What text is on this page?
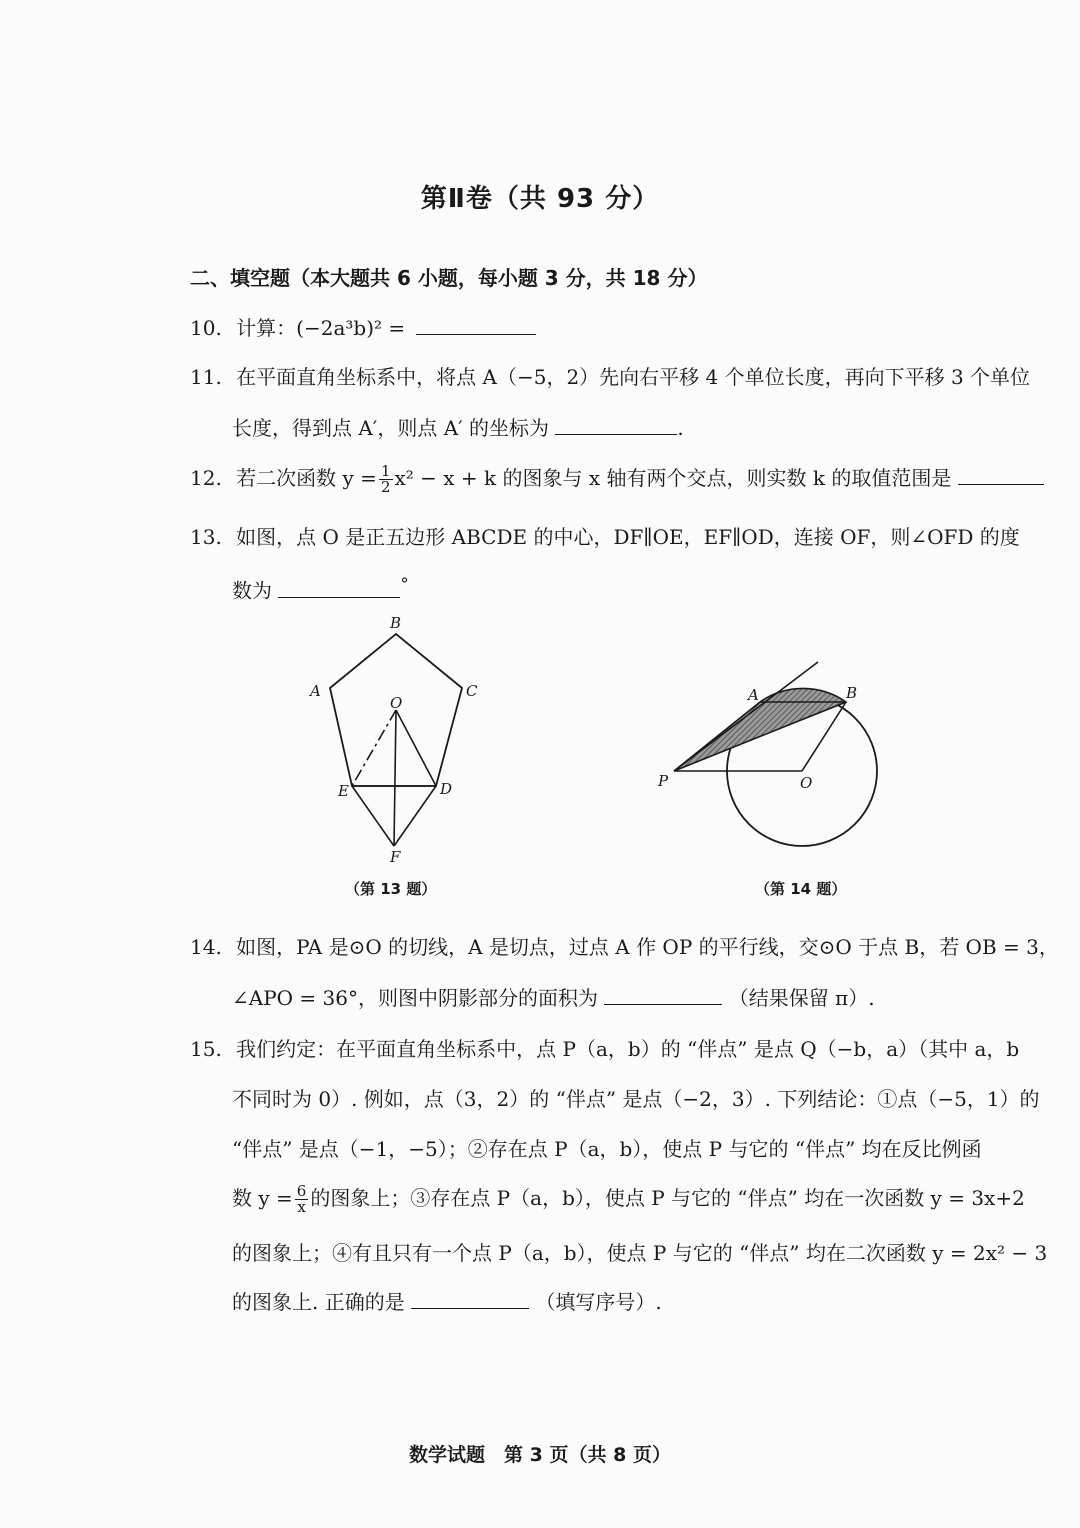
第Ⅱ卷（共 93 分）
二、填空题（本大题共 6 小题，每小题 3 分，共 18 分）
10. 计算：(−2a³b)² =
11. 在平面直角坐标系中，将点 A（−5，2）先向右平移 4 个单位长度，再向下平移 3 个单位
长度，得到点 A′，则点 A′ 的坐标为	.
12. 若二次函数 $y = \frac{1}{2} x^2 - x + k$ 的图象与 x 轴有两个交点，则实数 k 的取值范围是
13. 如图，点 O 是正五边形 ABCDE 的中心，DF∥OE，EF∥OD，连接 OF，则∠OFD 的度
数为	°
B
A	C
O
E	D
F
（第 13 题）
A	B
P	O
（第 14 题）
14. 如图，PA 是⊙O 的切线，A 是切点，过点 A 作 OP 的平行线，交⊙O 于点 B，若 OB = 3，
∠APO = 36°，则图中阴影部分的面积为	（结果保留 π）.
15. 我们约定：在平面直角坐标系中，点 P（a，b）的 “伴点” 是点 Q（−b，a）（其中 a，b
不同时为 0）. 例如，点（3，2）的 “伴点” 是点（−2，3）. 下列结论：①点（−5，1）的
“伴点” 是点（−1，−5）；②存在点 P（a，b），使点 P 与它的 “伴点” 均在反比例函
数 $y = \frac{6}{x}$ 的图象上；③存在点 P（a，b），使点 P 与它的 “伴点” 均在一次函数 y = 3x+2
的图象上；④有且只有一个点 P（a，b），使点 P 与它的 “伴点” 均在二次函数 y = 2x² − 3
的图象上. 正确的是	（填写序号）.
数学试题　第 3 页（共 8 页）
